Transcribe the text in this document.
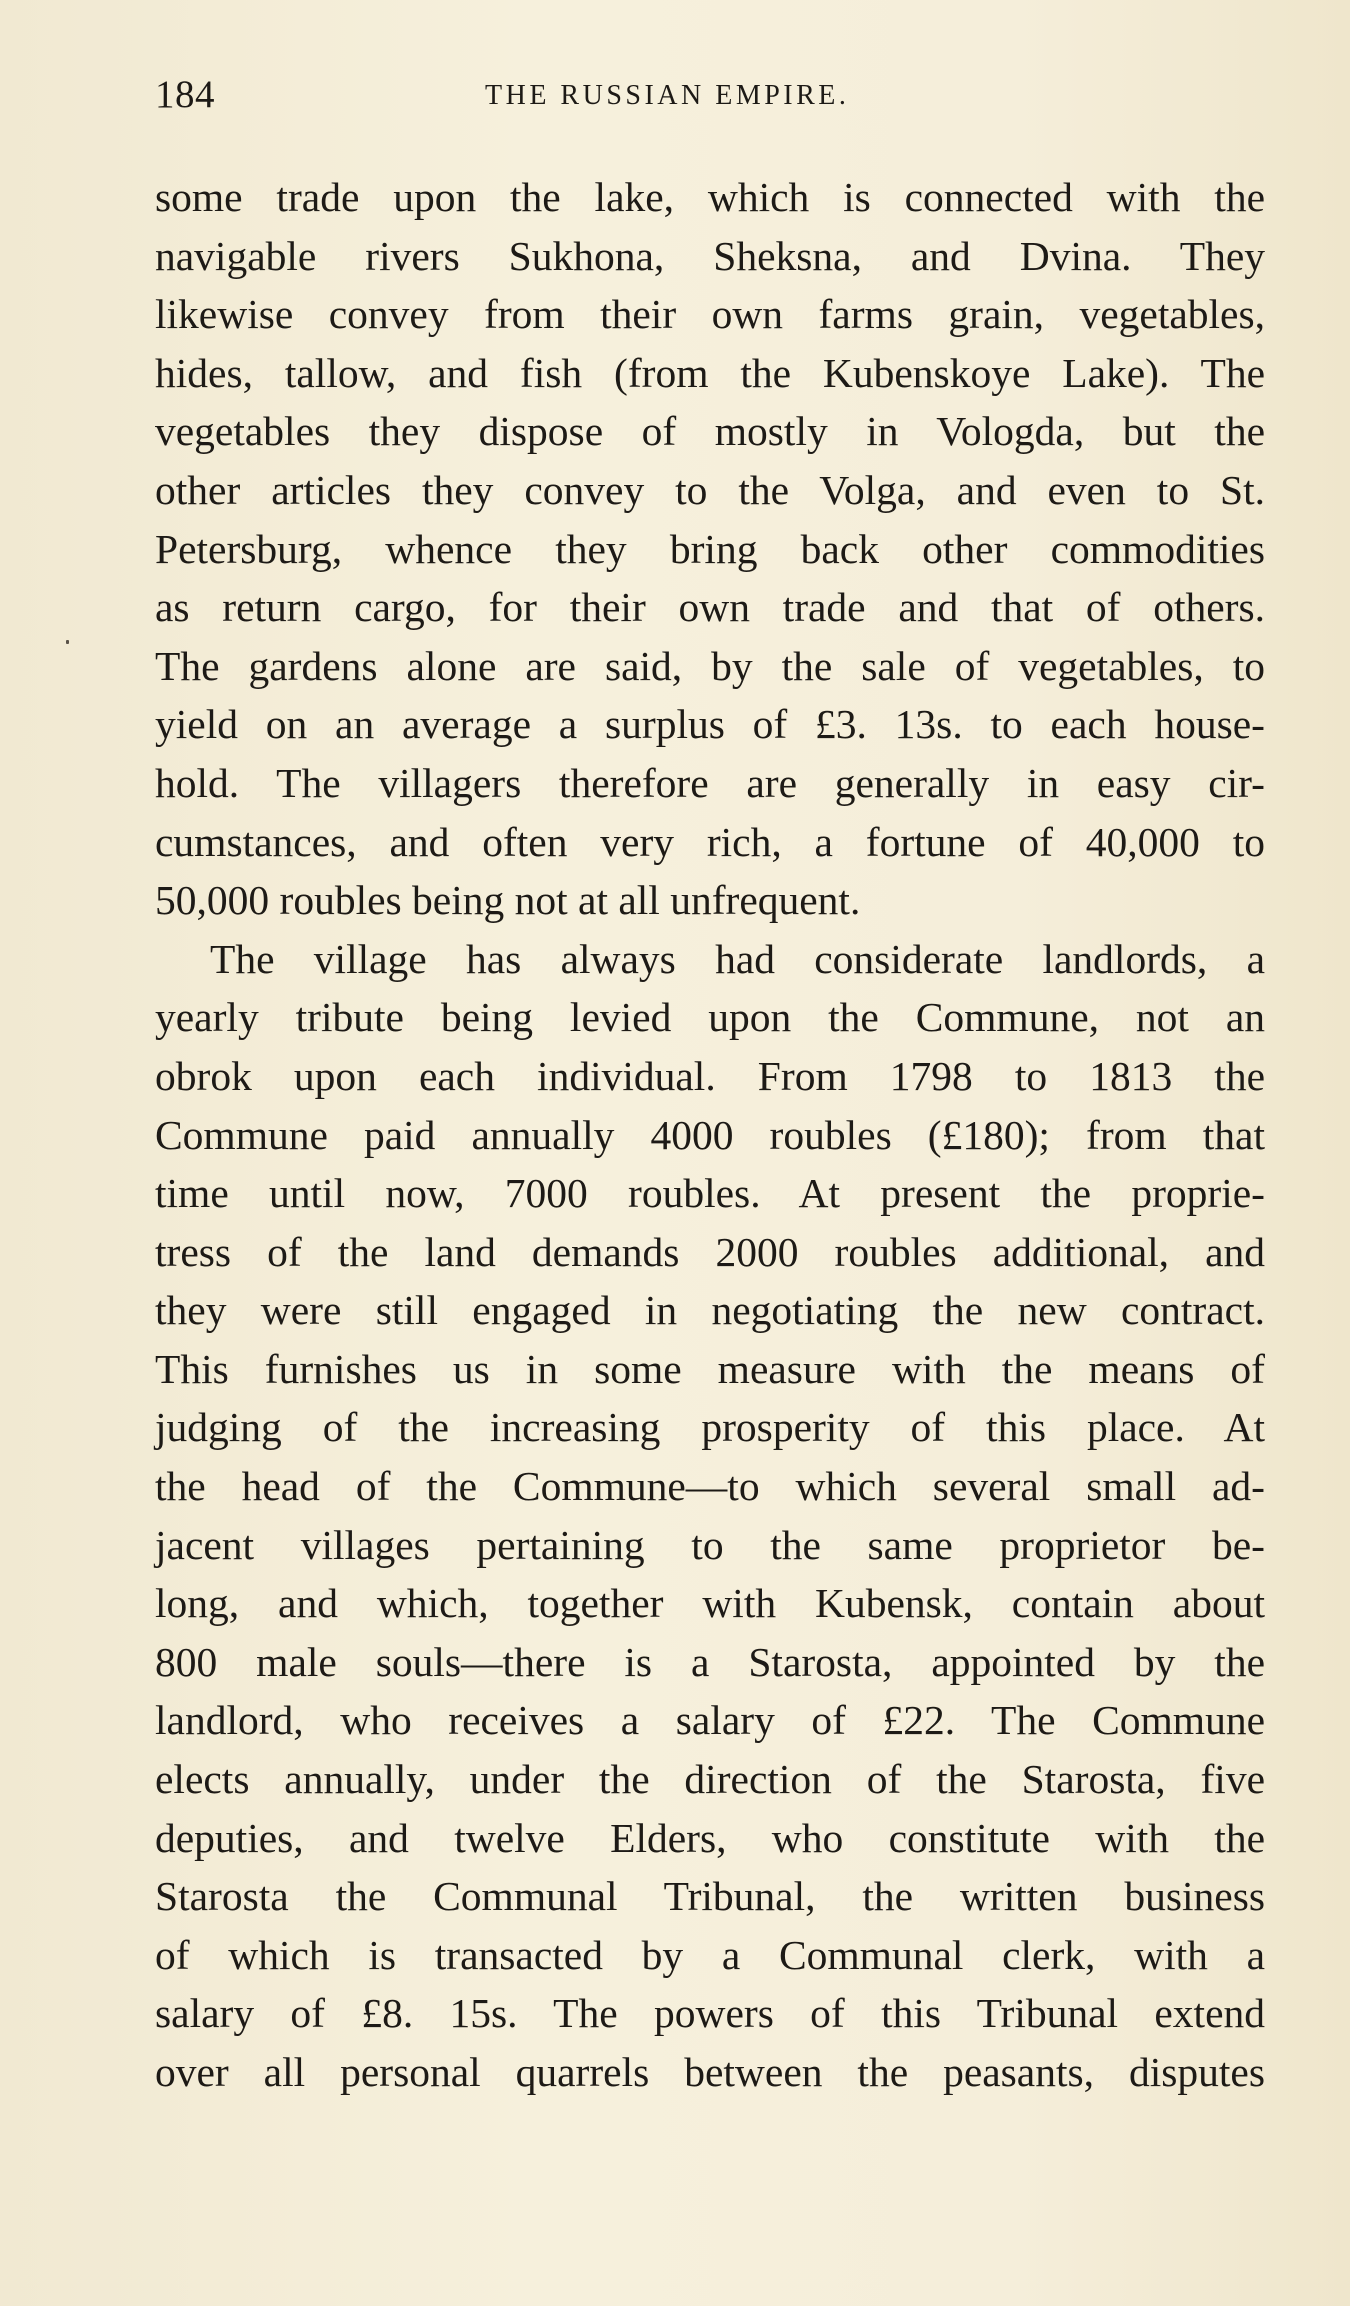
184	THE RUSSIAN EMPIRE.
some trade upon the lake, which is connected with the
navigable rivers Sukhona, Sheksna, and Dvina. They
likewise convey from their own farms grain, vegetables,
hides, tallow, and fish (from the Kubenskoye Lake). The
vegetables they dispose of mostly in Vologda, but the
other articles they convey to the Volga, and even to St.
Petersburg, whence they bring back other commodities
as return cargo, for their own trade and that of others.
The gardens alone are said, by the sale of vegetables, to
yield on an average a surplus of £3. 13s. to each house-
hold. The villagers therefore are generally in easy cir-
cumstances, and often very rich, a fortune of 40,000 to
50,000 roubles being not at all unfrequent.
The village has always had considerate landlords, a
yearly tribute being levied upon the Commune, not an
obrok upon each individual. From 1798 to 1813 the
Commune paid annually 4000 roubles (£180); from that
time until now, 7000 roubles. At present the proprie-
tress of the land demands 2000 roubles additional, and
they were still engaged in negotiating the new contract.
This furnishes us in some measure with the means of
judging of the increasing prosperity of this place. At
the head of the Commune—to which several small ad-
jacent villages pertaining to the same proprietor be-
long, and which, together with Kubensk, contain about
800 male souls—there is a Starosta, appointed by the
landlord, who receives a salary of £22. The Commune
elects annually, under the direction of the Starosta, five
deputies, and twelve Elders, who constitute with the
Starosta the Communal Tribunal, the written business
of which is transacted by a Communal clerk, with a
salary of £8. 15s. The powers of this Tribunal extend
over all personal quarrels between the peasants, disputes
